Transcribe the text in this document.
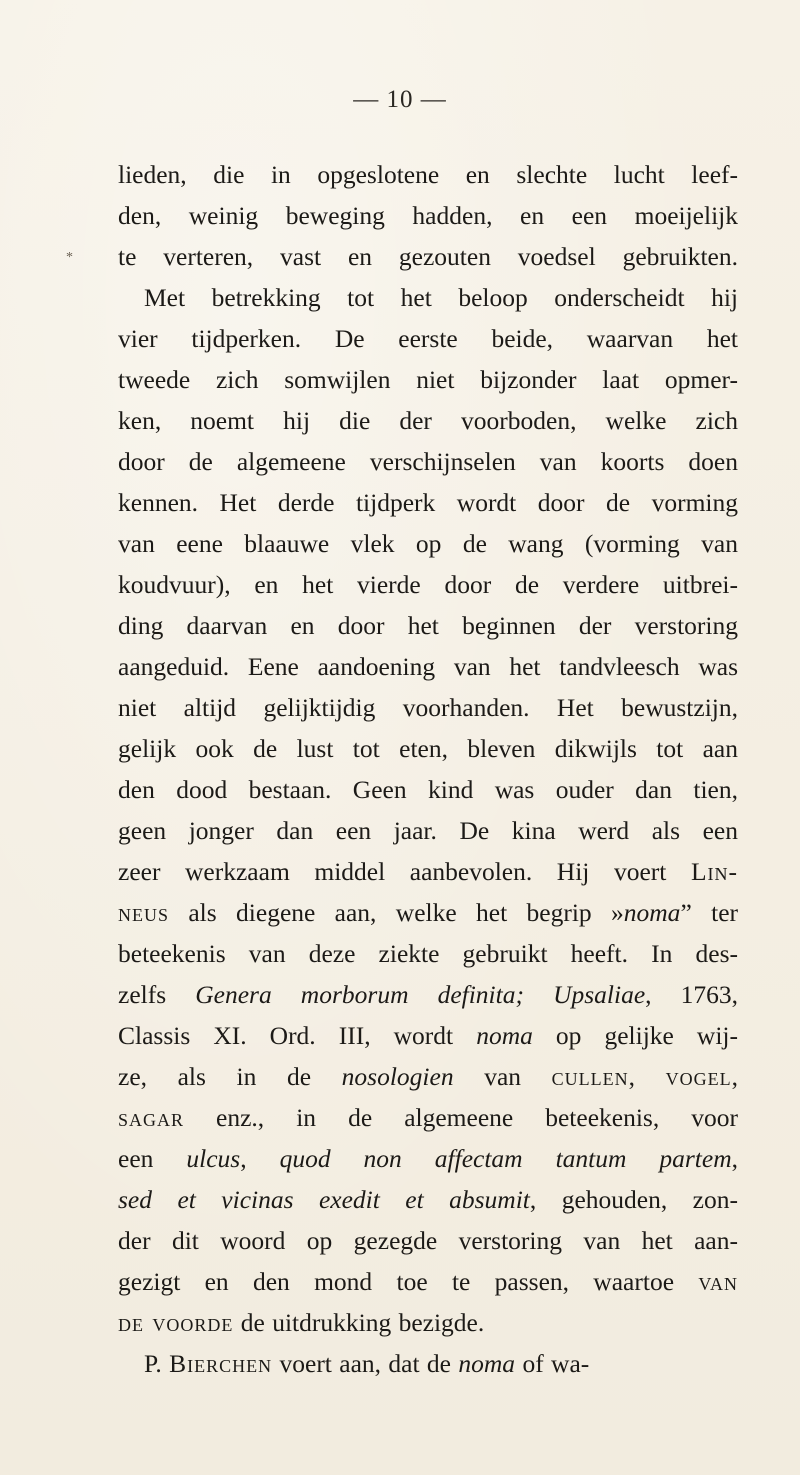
— 10 —
lieden, die in opgeslotene en slechte lucht leef-
den, weinig beweging hadden, en een moeijelijk
te verteren, vast en gezouten voedsel gebruikten.
Met betrekking tot het beloop onderscheidt hij
vier tijdperken. De eerste beide, waarvan het
tweede zich somwijlen niet bijzonder laat opmer-
ken, noemt hij die der voorboden, welke zich
door de algemeene verschijnselen van koorts doen
kennen. Het derde tijdperk wordt door de vorming
van eene blaauwe vlek op de wang (vorming van
koudvuur), en het vierde door de verdere uitbrei-
ding daarvan en door het beginnen der verstoring
aangeduid. Eene aandoening van het tandvleesch was
niet altijd gelijktijdig voorhanden. Het bewustzijn,
gelijk ook de lust tot eten, bleven dikwijls tot aan
den dood bestaan. Geen kind was ouder dan tien,
geen jonger dan een jaar. De kina werd als een
zeer werkzaam middel aanbevolen. Hij voert Lin-
neus als diegene aan, welke het begrip »noma” ter
beteekenis van deze ziekte gebruikt heeft. In des-
zelfs Genera morborum definita; Upsaliae, 1763,
Classis XI. Ord. III, wordt noma op gelijke wij-
ze, als in de nosologien van cullen, vogel,
sagar enz., in de algemeene beteekenis, voor
een ulcus, quod non affectam tantum partem,
sed et vicinas exedit et absumit, gehouden, zon-
der dit woord op gezegde verstoring van het aan-
gezigt en den mond toe te passen, waartoe van
de voorde de uitdrukking bezigde.
P. Bierchen voert aan, dat de noma of wa-
*
